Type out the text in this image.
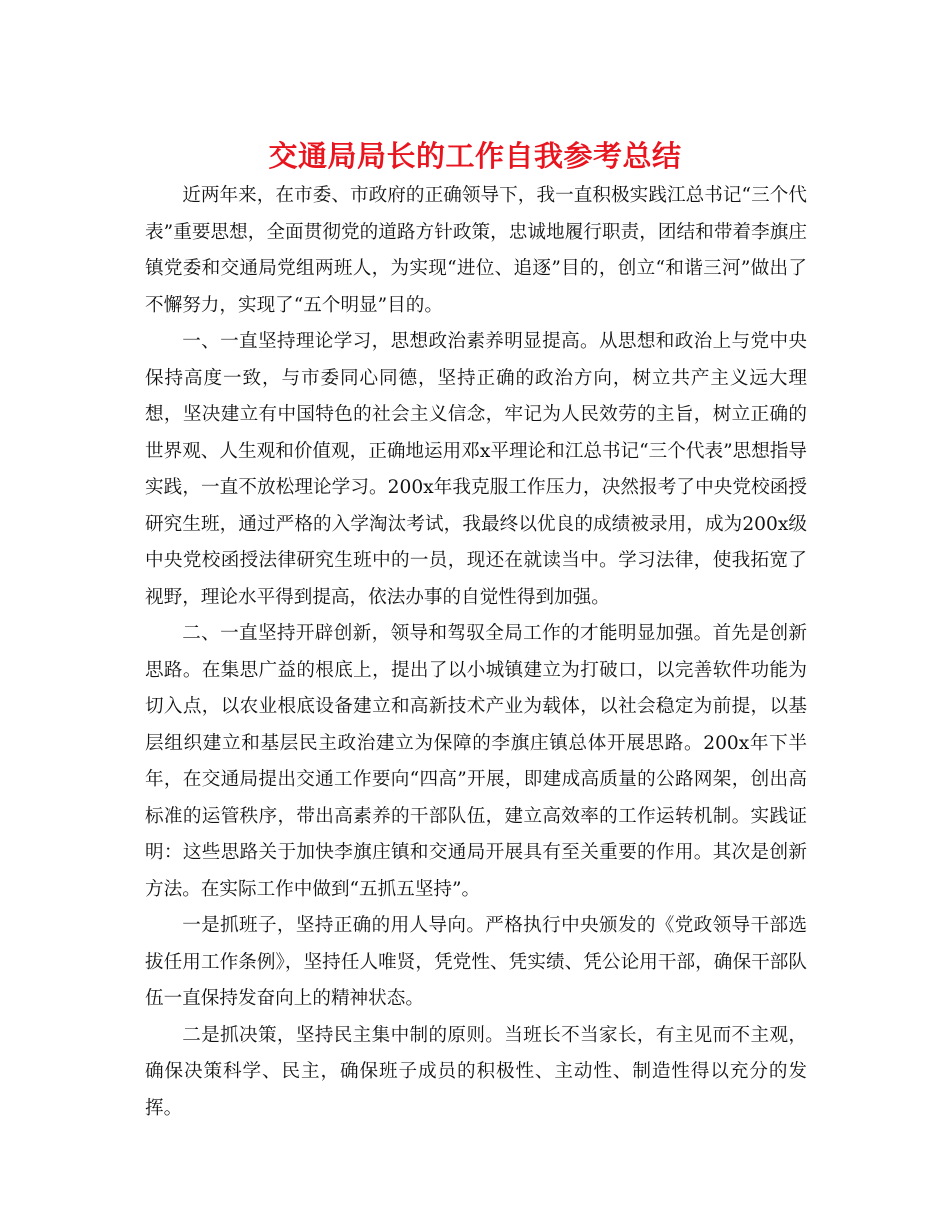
交通局局长的工作自我参考总结

近两年来，在市委、市政府的正确领导下，我一直积极实践江总书记“三个代表”重要思想，全面贯彻党的道路方针政策，忠诚地履行职责，团结和带着李旗庄镇党委和交通局党组两班人，为实现“进位、追逐”目的，创立“和谐三河”做出了不懈努力，实现了“五个明显”目的。

一、一直坚持理论学习，思想政治素养明显提高。从思想和政治上与党中央保持高度一致，与市委同心同德，坚持正确的政治方向，树立共产主义远大理想，坚决建立有中国特色的社会主义信念，牢记为人民效劳的主旨，树立正确的世界观、人生观和价值观，正确地运用邓x平理论和江总书记“三个代表”思想指导实践，一直不放松理论学习。200x年我克服工作压力，决然报考了中央党校函授研究生班，通过严格的入学淘汰考试，我最终以优良的成绩被录用，成为200x级中央党校函授法律研究生班中的一员，现还在就读当中。学习法律，使我拓宽了视野，理论水平得到提高，依法办事的自觉性得到加强。

二、一直坚持开辟创新，领导和驾驭全局工作的才能明显加强。首先是创新思路。在集思广益的根底上，提出了以小城镇建立为打破口，以完善软件功能为切入点，以农业根底设备建立和高新技术产业为载体，以社会稳定为前提，以基层组织建立和基层民主政治建立为保障的李旗庄镇总体开展思路。200x年下半年，在交通局提出交通工作要向“四高”开展，即建成高质量的公路网架，创出高标准的运管秩序，带出高素养的干部队伍，建立高效率的工作运转机制。实践证明：这些思路关于加快李旗庄镇和交通局开展具有至关重要的作用。其次是创新方法。在实际工作中做到“五抓五坚持”。

一是抓班子，坚持正确的用人导向。严格执行中央颁发的《党政领导干部选拔任用工作条例》，坚持任人唯贤，凭党性、凭实绩、凭公论用干部，确保干部队伍一直保持发奋向上的精神状态。

二是抓决策，坚持民主集中制的原则。当班长不当家长，有主见而不主观，确保决策科学、民主，确保班子成员的积极性、主动性、制造性得以充分的发挥。
